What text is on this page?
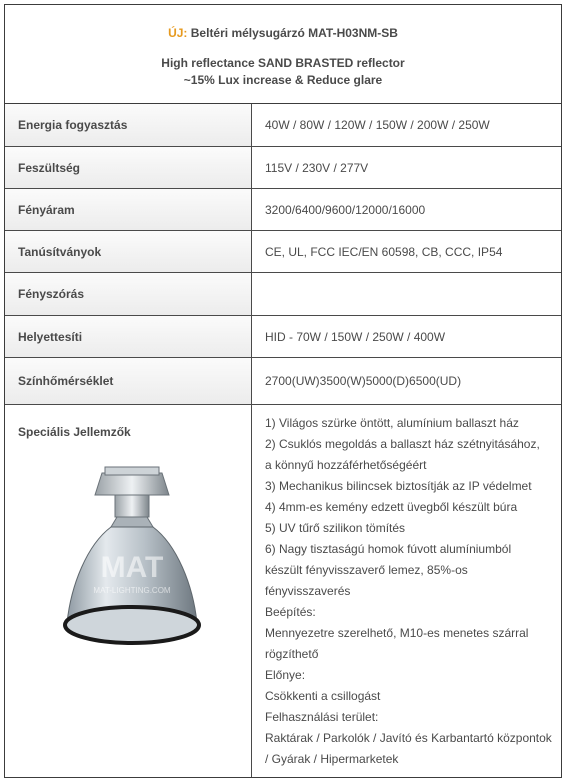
ÚJ: Beltéri mélysugárzó MAT-H03NM-SB
High reflectance SAND BRASTED reflector
~15% Lux increase & Reduce glare
Energia fogyasztás	40W / 80W / 120W / 150W / 200W / 250W
Feszültség	115V / 230V / 277V
Fényáram	3200/6400/9600/12000/16000
Tanúsítványok	CE, UL, FCC IEC/EN 60598, CB, CCC, IP54
Fényszórás
Helyettesíti	HID - 70W / 150W / 250W / 400W
Színhőmérséklet	2700(UW)3500(W)5000(D)6500(UD)
Speciális Jellemzők
MAT
MAT-LIGHTING.COM
1) Világos szürke öntött, alumínium ballaszt ház
2) Csuklós megoldás a ballaszt ház szétnyitásához,
a könnyű hozzáférhetőségéért
3) Mechanikus bilincsek biztosítják az IP védelmet
4) 4mm-es kemény edzett üvegből készült búra
5) UV tűrő szilikon tömítés
6) Nagy tisztaságú homok fúvott alumíniumból
készült fényvisszaverő lemez, 85%-os
fényvisszaverés
Beépítés:
Mennyezetre szerelhető, M10-es menetes szárral
rögzíthető
Előnye:
Csökkenti a csillogást
Felhasználási terület:
Raktárak / Parkolók / Javító és Karbantartó központok
/ Gyárak / Hipermarketek
